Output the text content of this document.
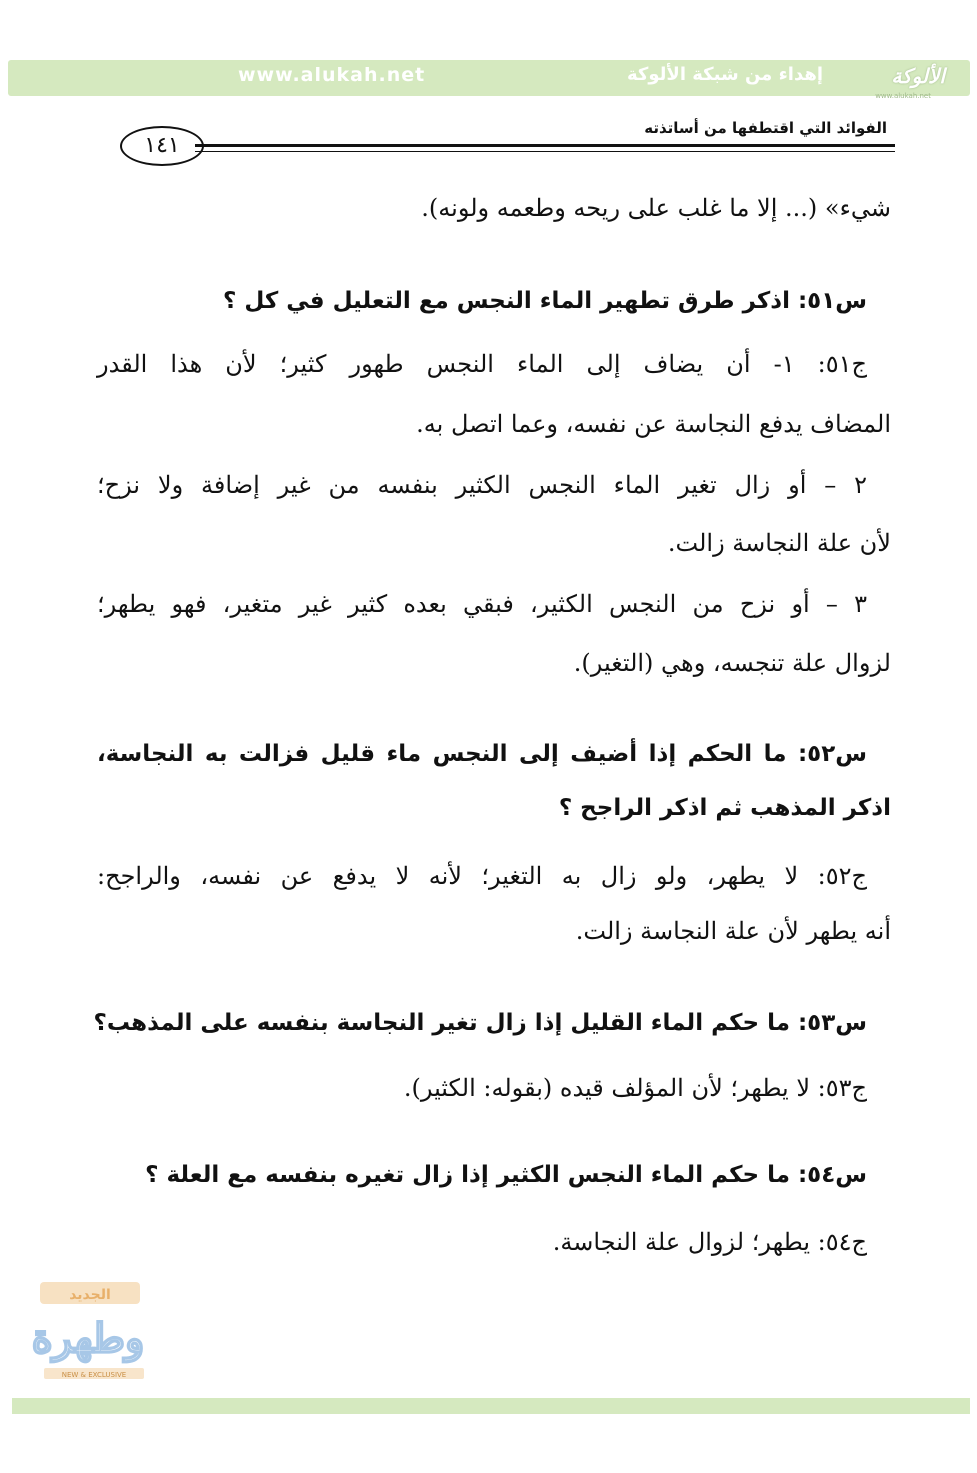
www.alukah.net	إهداء من شبكة الألوكة	الألوكة
www.alukah.net
الفوائد التي اقتطفها من أساتذته
١٤١
شيء» (... إلا ما غلب على ريحه وطعمه ولونه).
س٥١: اذكر طرق تطهير الماء النجس مع التعليل في كل ؟
ج٥١: ١- أن يضاف إلى الماء النجس طهور كثير؛ لأن هذا القدر
المضاف يدفع النجاسة عن نفسه، وعما اتصل به.
٢ – أو زال تغير الماء النجس الكثير بنفسه من غير إضافة ولا نزح؛
لأن علة النجاسة زالت.
٣ – أو نزح من النجس الكثير، فبقي بعده كثير غير متغير، فهو يطهر؛
لزوال علة تنجسه، وهي (التغير).
س٥٢: ما الحكم إذا أضيف إلى النجس ماء قليل فزالت به النجاسة،
اذكر المذهب ثم اذكر الراجح ؟
ج٥٢: لا يطهر، ولو زال به التغير؛ لأنه لا يدفع عن نفسه، والراجح:
أنه يطهر لأن علة النجاسة زالت.
س٥٣: ما حكم الماء القليل إذا زال تغير النجاسة بنفسه على المذهب؟
ج٥٣: لا يطهر؛ لأن المؤلف قيده (بقوله: الكثير).
س٥٤: ما حكم الماء النجس الكثير إذا زال تغيره بنفسه مع العلة ؟
ج٥٤: يطهر؛ لزوال علة النجاسة.
الجديد
وطهرة
NEW & EXCLUSIVE
